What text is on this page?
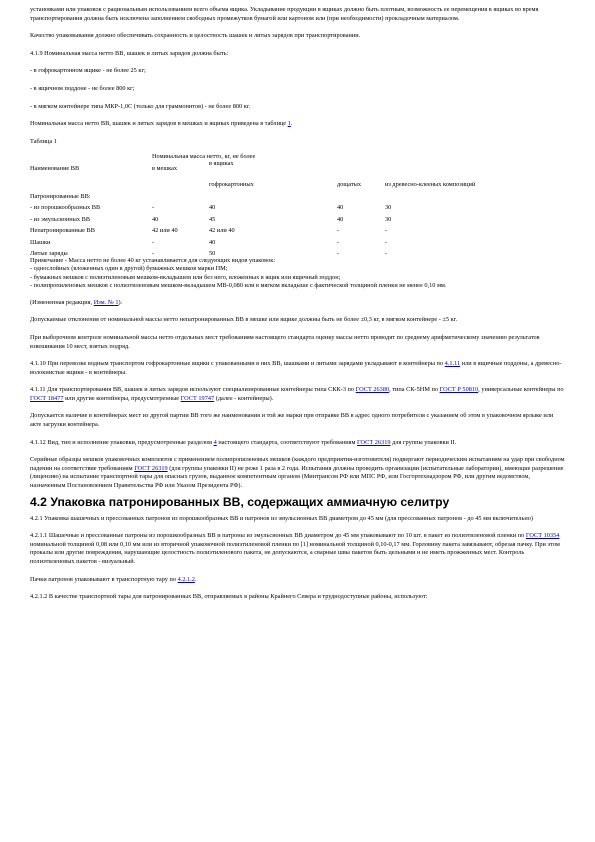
установками или упаковок с рациональным использованием всего объема ящика. Укладывание продукции в ящиках должно быть плотным, возможность ее перемещения в ящиках во время транспортирования должна быть исключена заполнением свободных промежутков бумагой или картоном или (при необходимости) прокладочным материалом.

Качество упаковывания должно обеспечивать сохранность и целостность шашек и литых зарядов при транспортировании.

4.1.9 Номинальная масса нетто ВВ, шашек и литых зарядов должна быть:

- в гофрокартонном ящике - не более 25 кг;

- в ящичном поддоне - не более 800 кг;

- в мягком контейнере типа МКР-1,0С (только для граммонитов) - не более 800 кг.

Номинальная масса нетто ВВ, шашек и литых зарядов в мешках и ящиках приведена в таблице 1.

Таблица 1

	Номинальная масса нетто, кг, не более			
Наименование ВВ	в мешках	в ящиках		
		гофрокартонных	дощатых	из древесно-клееных композиций
Патронированные ВВ:				
- из порошкообразных ВВ	-	40	40	30
- из эмульсионных ВВ	40	45	40	30
Непатронированные ВВ	42 или 40	42 или 40	-	-
Шашки	-	40	-	-
Литые заряды	-	50	-	-

Примечание - Масса нетто не более 40 кг устанавливается для следующих видов упаковок:

- однослойных (вложенных один в другой) бумажных мешков марки ПМ;

- бумажных мешков с полиэтиленовым мешком-вкладышем или без него, вложенных в ящик или ящичный поддон;

- полипропиленовых мешков с полиэтиленовым мешком-вкладышем МВ-0,080 или в мягком вкладыше с фактической толщиной пленки не менее 0,10 мм.

(Измененная редакция, Изм. № 1).

Допускаемые отклонения от номинальной массы нетто непатронированных ВВ в мешке или ящике должны быть не более ±0,3 кг, в мягком контейнере - ±5 кг.

При выборочном контроле номинальной массы нетто отдельных мест требованиям настоящего стандарта оценку массы нетто проводят по среднему арифметическому значению результатов взвешивания 10 мест, взятых подряд.

4.1.10 При перевозке водным транспортом гофрокартонные ящики с упакованными в них ВВ, шашками и литыми зарядами укладывают в контейнеры по 4.1.11 или в ящичные поддоны, а древесно-волокнистые ящики - в контейнеры.

4.1.11 Для транспортирования ВВ, шашек и литых зарядов используют специализированные контейнеры типа СКК-3 по ГОСТ 26380, типа СК-5НМ по ГОСТ Р 50810, универсальные контейнеры по ГОСТ 18477 или другие контейнеры, предусмотренные ГОСТ 19747 (далее - контейнеры).

Допускается наличие в контейнерах мест из другой партии ВВ того же наименования и той же марки при отправке ВВ в адрес одного потребителя с указанием об этом в упаковочном ярлыке или акте загрузки контейнера.

4.1.12 Вид, тип и исполнение упаковки, предусмотренные разделом 4 настоящего стандарта, соответствуют требованиям ГОСТ 26319 для группы упаковки II.

Серийные образцы мешков упаковочных комплектов с применением полипропиленовых мешков (каждого предприятия-изготовителя) подвергают периодическим испытаниям на удар при свободном падении на соответствие требованиям ГОСТ 26319 (для группы упаковки II) не реже 1 раза в 2 года. Испытания должны проводить организации (испытательные лаборатории), имеющие разрешение (лицензию) на испытание транспортной тары для опасных грузов, выданное компетентным органом (Минтрансом РФ или МПС РФ, или Госгортехнадзором РФ, или другим ведомством, назначенным Постановлением Правительства РФ или Указом Президента РФ).

4.2 Упаковка патронированных ВВ, содержащих аммиачную селитру

4.2.1 Упаковка шашечных и прессованных патронов из порошкообразных ВВ и патронов из эмульсионных ВВ диаметром до 45 мм (для прессованных патронов - до 45 мм включительно)

4.2.1.1 Шашечные и прессованные патроны из порошкообразных ВВ и патроны из эмульсионных ВВ диаметром до 45 мм упаковывают по 10 шт. в пакет из полиэтиленовой пленки по ГОСТ 10354 номинальной толщиной 0,08 или 0,10 мм или из вторичной упаковочной полиэтиленовой пленки по [1] номинальной толщиной 0,10-0,17 мм. Горловину пакета завязывают, обрезая пачку. При этом прокалы или другие повреждения, нарушающие целостность полиэтиленового пакета, не допускаются, а сварные швы пакетов быть цельными и не иметь прожженных мест. Контроль полиэтиленовых пакетов - визуальный.

Пачки патронов упаковывают в транспортную тару по 4.2.1.2.

4.2.1.2 В качестве транспортной тары для патронированных ВВ, отправляемых в районы Крайнего Севера и труднодоступные районы, используют:
